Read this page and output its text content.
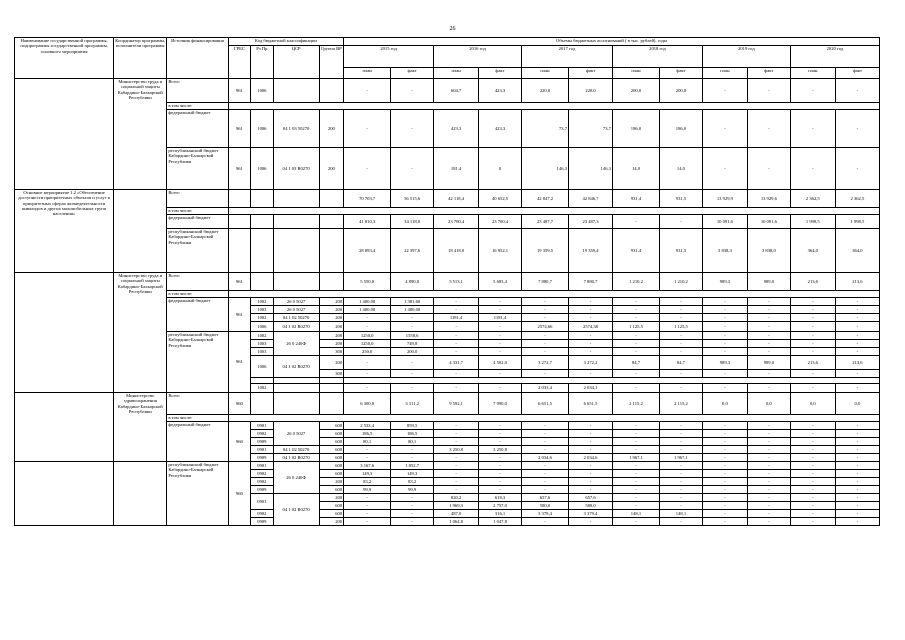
26
Наименование государственной программы, подпрограммы государственной программы, основного мероприятия	Координатор программы, исполнители программы	Источник финансирования	Код бюджетной классификации				Объемы бюджетных ассигнований ( в тыс. рублей), годы											
			ГРБС	Рз Пр	ЦСР	Группа ВР	2015 год		2016 год		2017 год		2018 год		2019 год		2020 год	
							план	факт	план	факт	план	факт	план	факт	план	факт	план	факт
	Министерство труда и социальной защиты Кабардино-Балкарской Республики	Всего	961	1006			-	-	604,7	423,3	220,0	220,0	200,0	200,0	-	-	-	-
		в том числе:																
		федеральный бюджет	961	1006	04 1 03 50270	200	-	-	423,3	423,3	73,7	73,7	186,0	186,0	-	-	-	-
		республиканский бюджет Кабардино-Балкарской Республики	961	1006	04 1 03 R0270	200	-	-	181,4	0	146,3	146,3	14,0	14,0	-	-	-	-
Основное мероприятие 1.2 «Обеспечение доступности приоритетных объектов и услуг в приоритетных сферах жизнедеятельности инвалидов и других маломобильных групп населения»		Всего					70 703,7	56 515,6	42 118,4	40 652,5	42 847,2	42 846,7	931,4	931,5	13 929,9	13 929,6	2 362,5	2 362,5
		в том числе:																
		федеральный бюджет					41 810,3	34 118,0	23 700,4	23 700,4	23 487,7	23 487,3	-	-	10 091,6	10 091,6	1 998,5	1 998,5
		республиканский бюджет Кабардино-Балкарской Республики					28 893,4	22 397,6	18 418,0	16 952,1	19 359,5	19 359,4	931,4	931,5	3 838,3	3 838,0	364,0	364,0
	Министерство труда и социальной защиты Кабардино-Балкарской Республики	Всего	961				5 550,0	4 890,0	5 513,1	5 683,4	7 880,7	7 880,7	1 210,2	1 210,2	989,3	989,0	213,6	213,6
		в том числе:																
		федеральный бюджет	961	1002	26 0 5027	200	1 400,00	1 381,60	-	-	-	-	-	-	-	-	-	-
				1003	26 0 5027	200	1 400,00	1 400,00	-	-	-	-	-	-	-	-	-	-
				1002	04 1 02 50270	200	-	-	1181,4	1181,4	-	-	-	-	-	-	-	-
				1006	04 1 02 R0270	200	-	-	-	-	2574,66	2574,38	1 125,5	1 125,5	-	-	-	-
		республиканский бюджет Кабардино-Балкарской Республики	961	1002	26 0 240Ф	200	1250,0	1558,6	-	-	-	-	-	-	-	-	-	-
				1003		200	1250,0	749,8	-	-	-	-	-	-	-	-	-	-
				1003		300	250,0	200,0	-	-	-	-	-	-	-	-	-	-
				1006	04 1 02 R0270	200	-	-	4 331,7	4 502,0	3 272,7	3 272,2	84,7	84,7	989,3	989,0	213,6	213,6
						300	-	-	-	-	-	-	-	-	-	-	-	-

				1002			-	-	-	-	2 033,4	2 034,1	-	-	-	-	-	-
	Министерство здравоохранения Кабардино-Балкарской Республики	Всего	960				6 300,0	3 311,2	9 592,1	7 990,0	6 651,5	6 651,5	2 115,2	2 115,2	0,0	0,0	0,0	0,0
		в том числе:																
		федеральный бюджет	960	0901	26 0 5027	600	2 533,4	859,5	-	-	-	-	-	-	-	-	-	-
				0902		600	186,5	186,5	-	-	-	-	-	-	-	-	-	-
				0909		600	80,1	80,1	-	-	-	-	-	-	-	-	-	-
				0901	04 1 02 50270	600	-	-	3 250,8	3 250,8	-	-	-	-	-	-	-	-
				0909	04 1 02 R0270	600	-	-	-	-	2 034,6	2 034,6	1 967,1	1 967,1	-	-	-	-
		республиканский бюджет Кабардино-Балкарской Республики	960	0901	26 0 240Ф	600	3 167,6	1 852,7	-	-	-	-	-	-	-	-	-	-
				0902		600	149,3	149,3	-	-	-	-	-	-	-	-	-	-
				0902		200	83,2	83,2	-	-	-	-	-	-	-	-	-	-
				0909		600	99,9	99,9	-	-	-	-	-	-	-	-	-	-
				0901	04 1 02 R0270	200	-	-	820,2	618,3	657,6	657,6	-	-	-	-	-	-
						600	-	-	1 969,3	2 757,0	580,0	580,0	-	-	-	-	-	-
				0902		600	-	-	487,0	316,1	3 379,4	3 379,4	148,1	148,1	-	-	-	-
				0909		200	-	-	1 064,8	1 047,8	-	-	-	-	-	-	-	-
